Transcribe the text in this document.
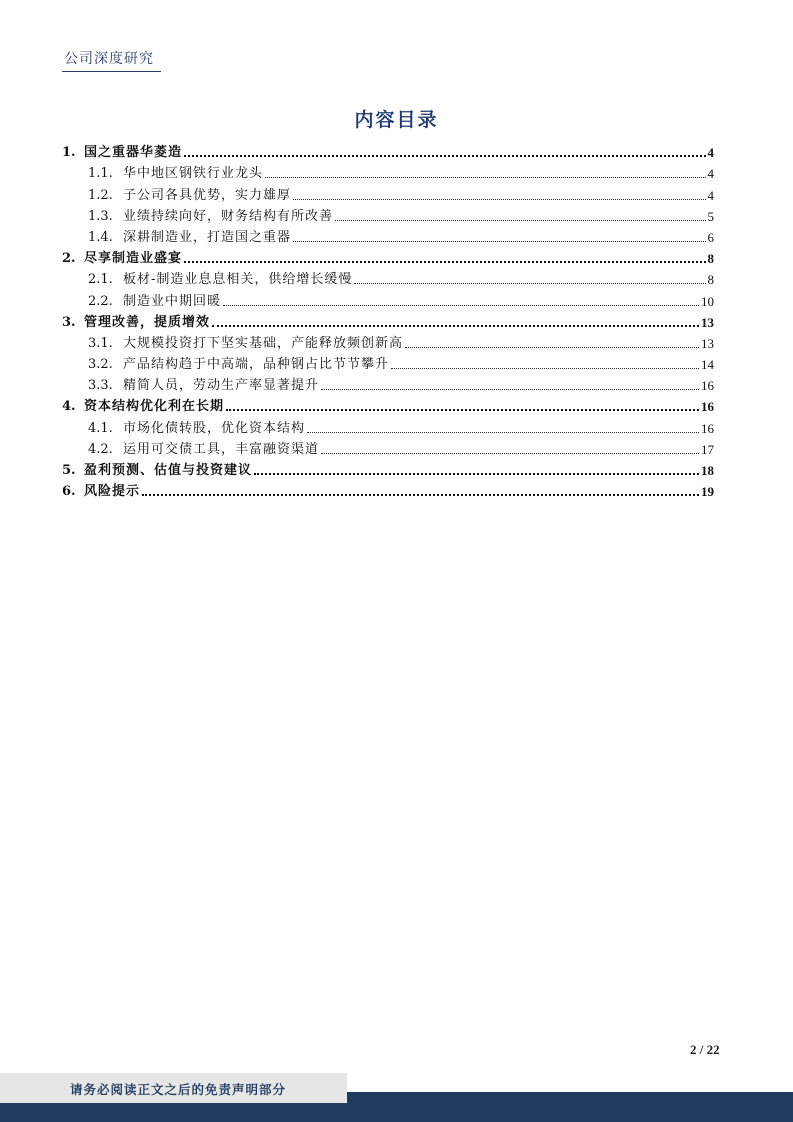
公司深度研究
内容目录
1. 国之重器华菱造	4
1.1. 华中地区钢铁行业龙头	4
1.2. 子公司各具优势，实力雄厚	4
1.3. 业绩持续向好，财务结构有所改善	5
1.4. 深耕制造业，打造国之重器	6
2. 尽享制造业盛宴	8
2.1. 板材-制造业息息相关，供给增长缓慢	8
2.2. 制造业中期回暖	10
3. 管理改善，提质增效	13
3.1. 大规模投资打下坚实基础，产能释放频创新高	13
3.2. 产品结构趋于中高端，品种钢占比节节攀升	14
3.3. 精简人员，劳动生产率显著提升	16
4. 资本结构优化利在长期	16
4.1. 市场化债转股，优化资本结构	16
4.2. 运用可交债工具，丰富融资渠道	17
5. 盈利预测、估值与投资建议	18
6. 风险提示	19
2 / 22
请务必阅读正文之后的免责声明部分
